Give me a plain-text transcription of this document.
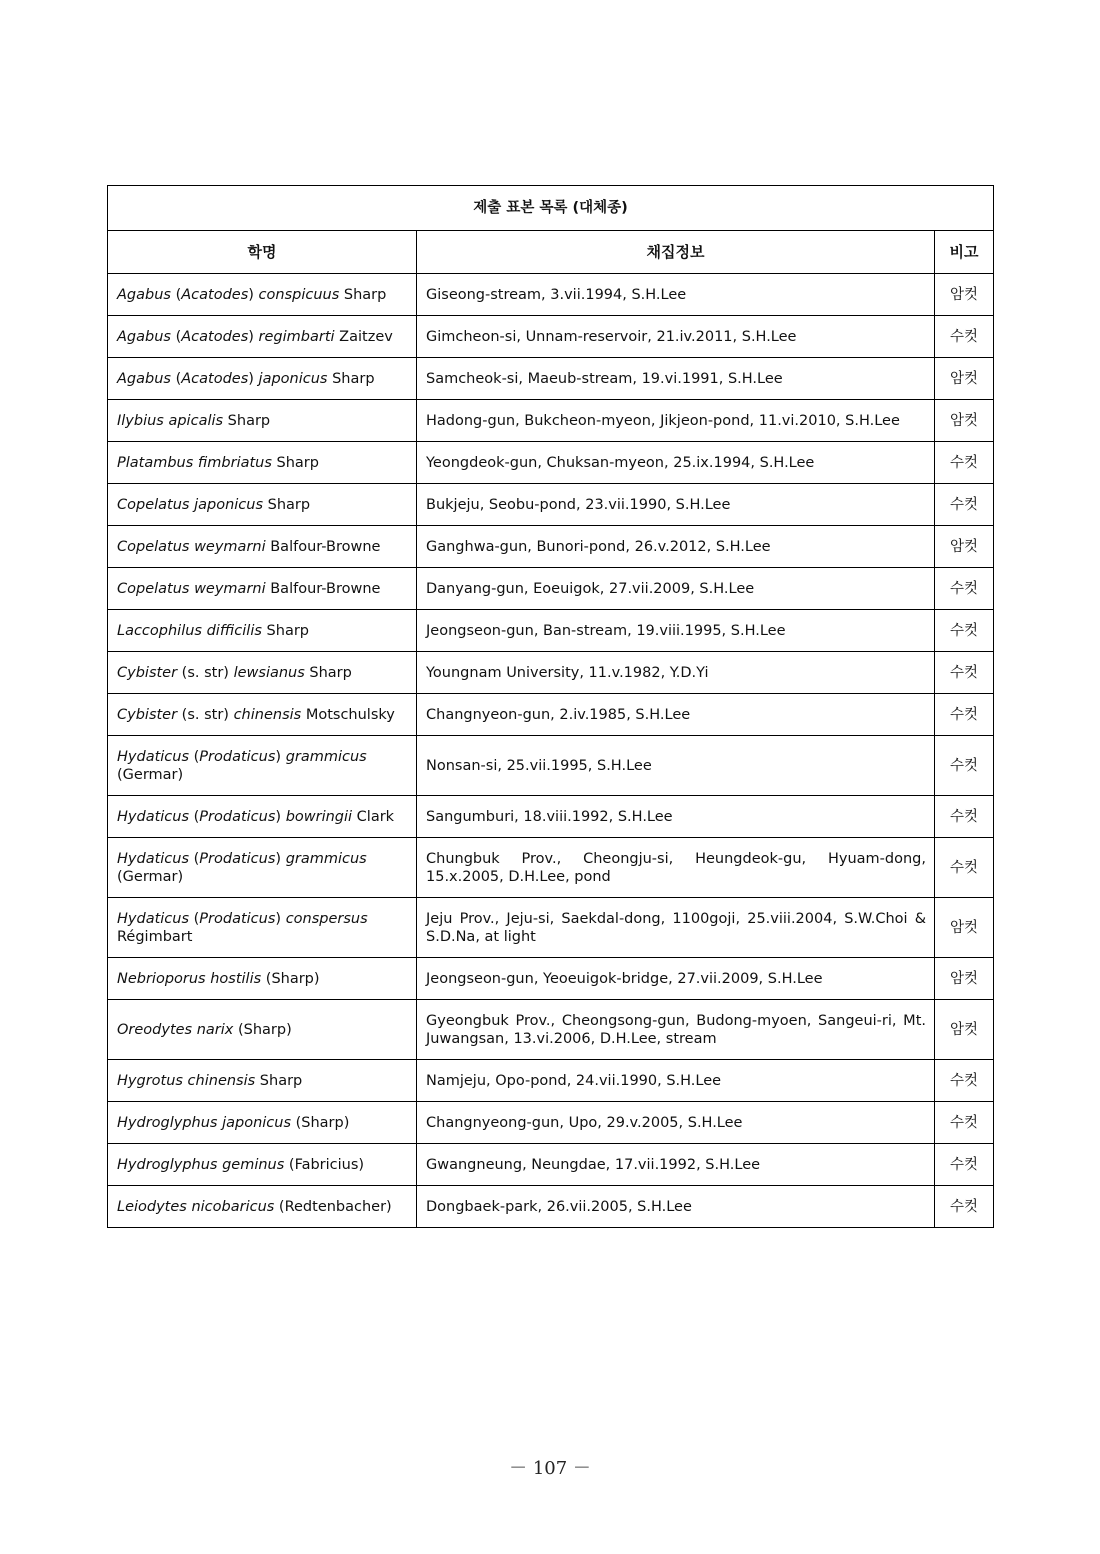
제출 표본 목록 (대체종)		
학명	채집정보	비고
Agabus (Acatodes) conspicuus Sharp	Giseong-stream, 3.vii.1994, S.H.Lee	암컷
Agabus (Acatodes) regimbarti Zaitzev	Gimcheon-si, Unnam-reservoir, 21.iv.2011, S.H.Lee	수컷
Agabus (Acatodes) japonicus Sharp	Samcheok-si, Maeub-stream, 19.vi.1991, S.H.Lee	암컷
Ilybius apicalis Sharp	Hadong-gun, Bukcheon-myeon, Jikjeon-pond, 11.vi.2010, S.H.Lee	암컷
Platambus fimbriatus Sharp	Yeongdeok-gun, Chuksan-myeon, 25.ix.1994, S.H.Lee	수컷
Copelatus japonicus Sharp	Bukjeju, Seobu-pond, 23.vii.1990, S.H.Lee	수컷
Copelatus weymarni Balfour-Browne	Ganghwa-gun, Bunori-pond, 26.v.2012, S.H.Lee	암컷
Copelatus weymarni Balfour-Browne	Danyang-gun, Eoeuigok, 27.vii.2009, S.H.Lee	수컷
Laccophilus difficilis Sharp	Jeongseon-gun, Ban-stream, 19.viii.1995, S.H.Lee	수컷
Cybister (s. str) lewsianus Sharp	Youngnam University, 11.v.1982, Y.D.Yi	수컷
Cybister (s. str) chinensis Motschulsky	Changnyeon-gun, 2.iv.1985, S.H.Lee	수컷
Hydaticus (Prodaticus) grammicus (Germar)	Nonsan-si, 25.vii.1995, S.H.Lee	수컷
Hydaticus (Prodaticus) bowringii Clark	Sangumburi, 18.viii.1992, S.H.Lee	수컷
Hydaticus (Prodaticus) grammicus (Germar)	Chungbuk Prov., Cheongju-si, Heungdeok-gu, Hyuam-dong, 15.x.2005, D.H.Lee, pond	수컷
Hydaticus (Prodaticus) conspersus Régimbart	Jeju Prov., Jeju-si, Saekdal-dong, 1100goji, 25.viii.2004, S.W.Choi & S.D.Na, at light	암컷
Nebrioporus hostilis (Sharp)	Jeongseon-gun, Yeoeuigok-bridge, 27.vii.2009, S.H.Lee	암컷
Oreodytes narix (Sharp)	Gyeongbuk Prov., Cheongsong-gun, Budong-myoen, Sangeui-ri, Mt. Juwangsan, 13.vi.2006, D.H.Lee, stream	암컷
Hygrotus chinensis Sharp	Namjeju, Opo-pond, 24.vii.1990, S.H.Lee	수컷
Hydroglyphus japonicus (Sharp)	Changnyeong-gun, Upo, 29.v.2005, S.H.Lee	수컷
Hydroglyphus geminus (Fabricius)	Gwangneung, Neungdae, 17.vii.1992, S.H.Lee	수컷
Leiodytes nicobaricus (Redtenbacher)	Dongbaek-park, 26.vii.2005, S.H.Lee	수컷
－ 107 －
